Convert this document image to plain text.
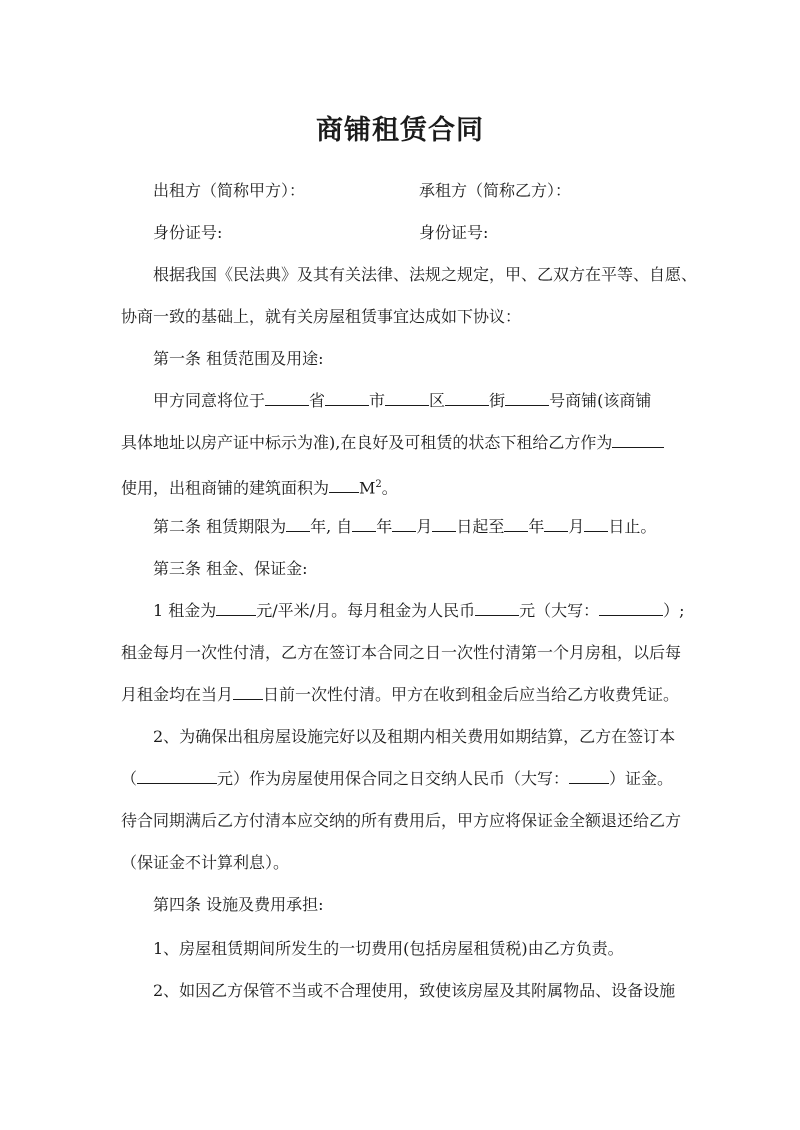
商铺租赁合同
出租方（简称甲方）：	承租方（简称乙方）：
身份证号:	身份证号:
根据我国《民法典》及其有关法律、法规之规定，甲、乙双方在平等、自愿、
协商一致的基础上，就有关房屋租赁事宜达成如下协议：
第一条 租赁范围及用途:
甲方同意将位于	省	市	区	街	号商铺(该商铺
具体地址以房产证中标示为准),在良好及可租赁的状态下租给乙方作为
使用，出租商铺的建筑面积为 $M^2$。
第二条 租赁期限为 年, 自 年 月 日起至 年 月 日止。
第三条 租金、保证金:
1 租金为	元/平米/月。每月租金为人民币	元（大写：	）;
租金每月一次性付清，乙方在签订本合同之日一次性付清第一个月房租，以后每
月租金均在当月 日前一次性付清。甲方在收到租金后应当给乙方收费凭证。
2、为确保出租房屋设施完好以及租期内相关费用如期结算，乙方在签订本
（	元）作为房屋使用保合同之日交纳人民币（大写：	）证金。
待合同期满后乙方付清本应交纳的所有费用后，甲方应将保证金全额退还给乙方
（保证金不计算利息）。
第四条 设施及费用承担:
1、房屋租赁期间所发生的一切费用(包括房屋租赁税)由乙方负责。
2、如因乙方保管不当或不合理使用，致使该房屋及其附属物品、设备设施
